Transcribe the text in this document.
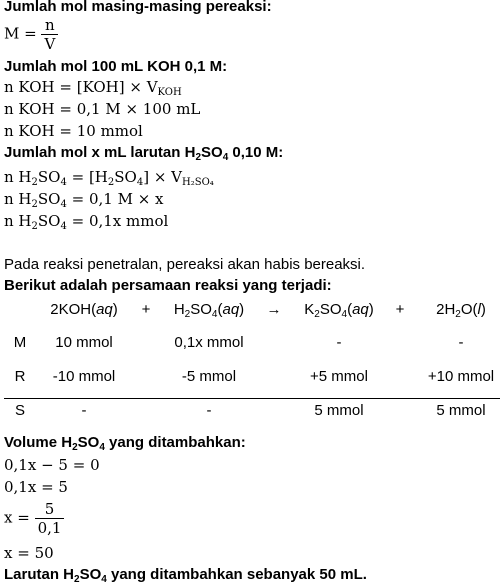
Jumlah mol masing-masing pereaksi:
$M = \frac{n}{V}$
Jumlah mol 100 mL KOH 0,1 M:
n KOH = $[KOH] \times V_{KOH}$
n KOH = 0,1 M × 100 mL
n KOH = 10 mmol
Jumlah mol x mL larutan $H_2SO_4$ 0,10 M:
n $H_2SO_4 = [H_2SO_4] \times V_{H_2SO_4}$
n $H_2SO_4 = 0,1$ M × x
n $H_2SO_4 = 0,1x$ mmol
Pada reaksi penetralan, pereaksi akan habis bereaksi.
Berikut adalah persamaan reaksi yang terjadi:
$2KOH(aq) + H_2SO_4(aq) \to K_2SO_4(aq) + 2H_2O(l)$
M 10 mmol	0,1x mmol	-	-
R -10 mmol	-5 mmol	+5 mmol	+10 mmol
S	-	-	5 mmol	5 mmol
Volume $H_2SO_4$ yang ditambahkan:
0,1x − 5 = 0
0,1x = 5
$x = \frac{5}{0,1}$
x = 50
Larutan $H_2SO_4$ yang ditambahkan sebanyak 50 mL.
